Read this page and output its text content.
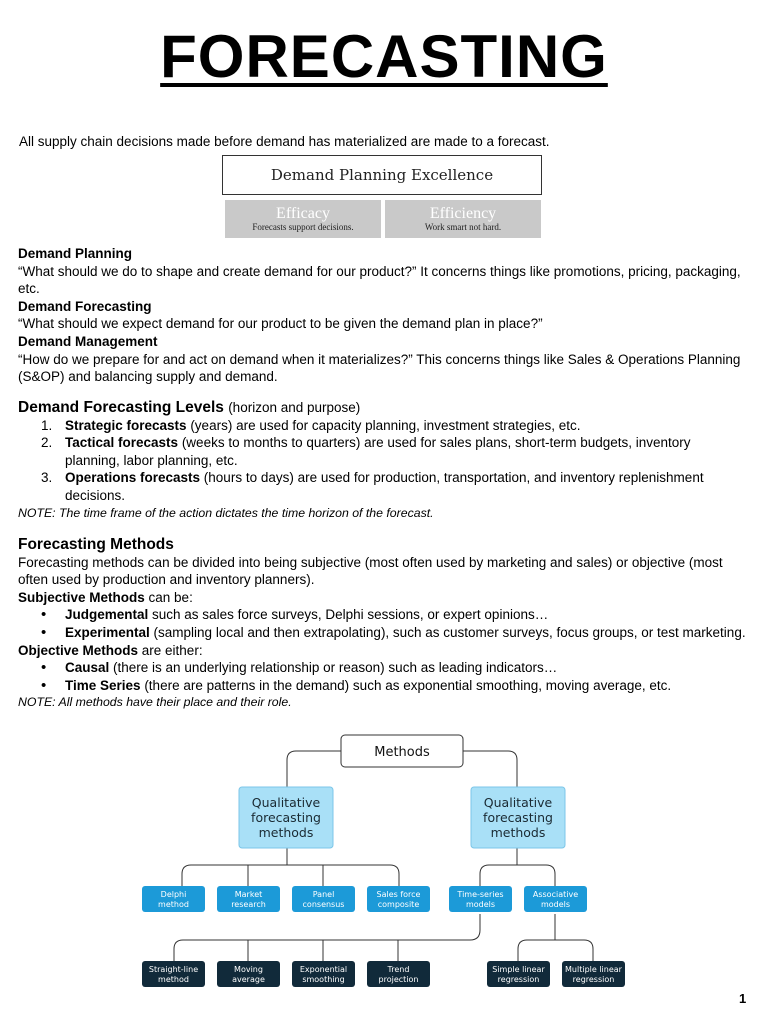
FORECASTING
All supply chain decisions made before demand has materialized are made to a forecast.
Demand Planning Excellence
Efficacy
Forecasts support decisions.
Efficiency
Work smart not hard.

Demand Planning

“What should we do to shape and create demand for our product?” It concerns things like promotions, pricing, packaging, etc.

Demand Forecasting

“What should we expect demand for our product to be given the demand plan in place?”

Demand Management

“How do we prepare for and act on demand when it materializes?” This concerns things like Sales & Operations Planning (S&OP) and balancing supply and demand.

Demand Forecasting Levels (horizon and purpose)

1. Strategic forecasts (years) are used for capacity planning, investment strategies, etc.
2. Tactical forecasts (weeks to months to quarters) are used for sales plans, short-term budgets, inventory planning, labor planning, etc.
3. Operations forecasts (hours to days) are used for production, transportation, and inventory replenishment decisions.

NOTE: The time frame of the action dictates the time horizon of the forecast.

Forecasting Methods

Forecasting methods can be divided into being subjective (most often used by marketing and sales) or objective (most often used by production and inventory planners).

Subjective Methods can be:

• Judgemental such as sales force surveys, Delphi sessions, or expert opinions…
• Experimental (sampling local and then extrapolating), such as customer surveys, focus groups, or test marketing.

Objective Methods are either:

• Causal (there is an underlying relationship or reason) such as leading indicators…
• Time Series (there are patterns in the demand) such as exponential smoothing, moving average, etc.

NOTE: All methods have their place and their role.

Methods
Qualitative
forecasting
methods
Qualitative
forecasting
methods
Delphi
method
Market
research
Panel
consensus
Sales force
composite
Time-series
models
Associative
models
Straight-line
method
Moving
average
Exponential
smoothing
Trend
projection
Simple linear
regression
Multiple linear
regression
1
